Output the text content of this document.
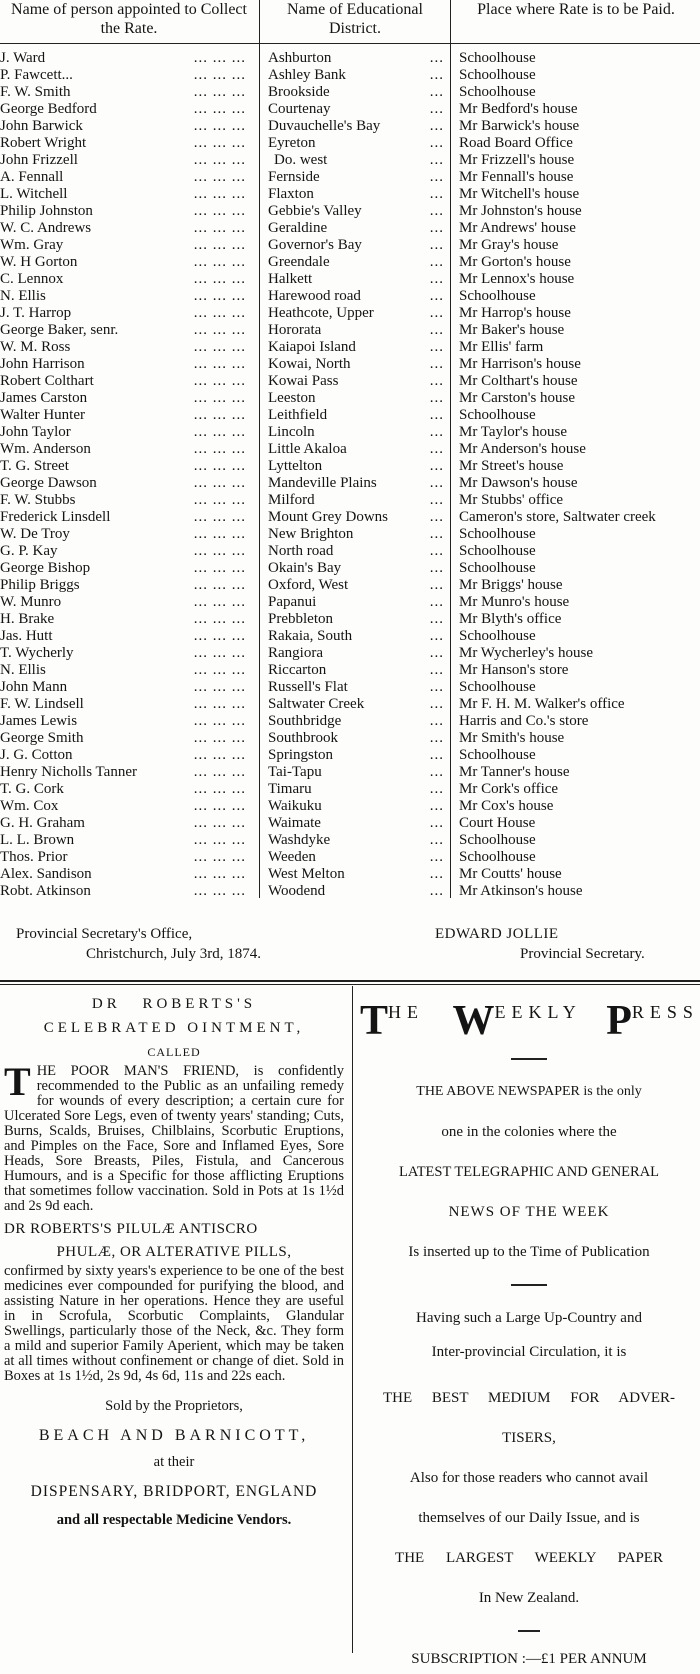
Name of person appointed to Collect the Rate.
Name of Educational District.
Place where Rate is to be Paid.
J. Ward	... ... ... Ashburton	... Schoolhouse
P. Fawcett...	... ... ... Ashley Bank	... Schoolhouse
F. W. Smith	... ... ... Brookside	... Schoolhouse
George Bedford	... ... ... Courtenay	... Mr Bedford's house
John Barwick	... ... ... Duvauchelle's Bay	... Mr Barwick's house
Robert Wright	... ... ... Eyreton	... Road Board Office
John Frizzell	... ... ...	Do. west	... Mr Frizzell's house
A. Fennall	... ... ... Fernside	... Mr Fennall's house
L. Witchell	... ... ... Flaxton	... Mr Witchell's house
Philip Johnston	... ... ... Gebbie's Valley	... Mr Johnston's house
W. C. Andrews	... ... ... Geraldine	... Mr Andrews' house
Wm. Gray	... ... ... Governor's Bay	... Mr Gray's house
W. H Gorton	... ... ... Greendale	... Mr Gorton's house
C. Lennox	... ... ... Halkett	... Mr Lennox's house
N. Ellis	... ... ... Harewood road	... Schoolhouse
J. T. Harrop	... ... ... Heathcote, Upper	... Mr Harrop's house
George Baker, senr.	... ... ... Hororata	... Mr Baker's house
W. M. Ross	... ... ... Kaiapoi Island	... Mr Ellis' farm
John Harrison	... ... ... Kowai, North	... Mr Harrison's house
Robert Colthart	... ... ... Kowai Pass	... Mr Colthart's house
James Carston	... ... ... Leeston	... Mr Carston's house
Walter Hunter	... ... ... Leithfield	... Schoolhouse
John Taylor	... ... ... Lincoln	... Mr Taylor's house
Wm. Anderson	... ... ... Little Akaloa	... Mr Anderson's house
T. G. Street	... ... ... Lyttelton	... Mr Street's house
George Dawson	... ... ... Mandeville Plains	... Mr Dawson's house
F. W. Stubbs	... ... ... Milford	... Mr Stubbs' office
Frederick Linsdell	... ... ... Mount Grey Downs	... Cameron's store, Saltwater creek
W. De Troy	... ... ... New Brighton	... Schoolhouse
G. P. Kay	... ... ... North road	... Schoolhouse
George Bishop	... ... ... Okain's Bay	... Schoolhouse
Philip Briggs	... ... ... Oxford, West	... Mr Briggs' house
W. Munro	... ... ... Papanui	... Mr Munro's house
H. Brake	... ... ... Prebbleton	... Mr Blyth's office
Jas. Hutt	... ... ... Rakaia, South	... Schoolhouse
T. Wycherly	... ... ... Rangiora	... Mr Wycherley's house
N. Ellis	... ... ... Riccarton	... Mr Hanson's store
John Mann	... ... ... Russell's Flat	... Schoolhouse
F. W. Lindsell	... ... ... Saltwater Creek	... Mr F. H. M. Walker's office
James Lewis	... ... ... Southbridge	... Harris and Co.'s store
George Smith	... ... ... Southbrook	... Mr Smith's house
J. G. Cotton	... ... ... Springston	... Schoolhouse
Henry Nicholls Tanner	... ... ... Tai-Tapu	... Mr Tanner's house
T. G. Cork	... ... ... Timaru	... Mr Cork's office
Wm. Cox	... ... ... Waikuku	... Mr Cox's house
G. H. Graham	... ... ... Waimate	... Court House
L. L. Brown	... ... ... Washdyke	... Schoolhouse
Thos. Prior	... ... ... Weeden	... Schoolhouse
Alex. Sandison	... ... ... West Melton	... Mr Coutts' house
Robt. Atkinson	... ... ... Woodend	... Mr Atkinson's house
Provincial Secretary's Office,
Christchurch, July 3rd, 1874.
EDWARD JOLLIE
Provincial Secretary.
DR ROBERTS'S
CELEBRATED OINTMENT,
CALLED
THE POOR MAN'S FRIEND, is confidently recommended to the Public as an unfailing remedy for wounds of every description; a certain cure for Ulcerated Sore Legs, even of twenty years' standing; Cuts, Burns, Scalds, Bruises, Chilblains, Scorbutic Eruptions, and Pimples on the Face, Sore and Inflamed Eyes, Sore Heads, Sore Breasts, Piles, Fistula, and Cancerous Humours, and is a Specific for those afflicting Eruptions that sometimes follow vaccination. Sold in Pots at 1s 1½d and 2s 9d each.
DR ROBERTS'S PILULÆ ANTISCRO
PHULÆ, OR ALTERATIVE PILLS,
confirmed by sixty years's experience to be one of the best medicines ever compounded for purifying the blood, and assisting Nature in her operations. Hence they are useful in in Scrofula, Scorbutic Complaints, Glandular Swellings, particularly those of the Neck, &c. They form a mild and superior Family Aperient, which may be taken at all times without confinement or change of diet. Sold in Boxes at 1s 1½d, 2s 9d, 4s 6d, 11s and 22s each.
Sold by the Proprietors,
BEACH AND BARNICOTT,
at their
DISPENSARY, BRIDPORT, ENGLAND
and all respectable Medicine Vendors.
THE WEEKLY PRESS
THE ABOVE NEWSPAPER is the only
one in the colonies where the
LATEST TELEGRAPHIC AND GENERAL
NEWS OF THE WEEK
Is inserted up to the Time of Publication
Having such a Large Up-Country and
Inter-provincial Circulation, it is
THE BEST MEDIUM FOR ADVER-
TISERS,
Also for those readers who cannot avail
themselves of our Daily Issue, and is
THE LARGEST WEEKLY PAPER
In New Zealand.
SUBSCRIPTION :—£1 PER ANNUM
